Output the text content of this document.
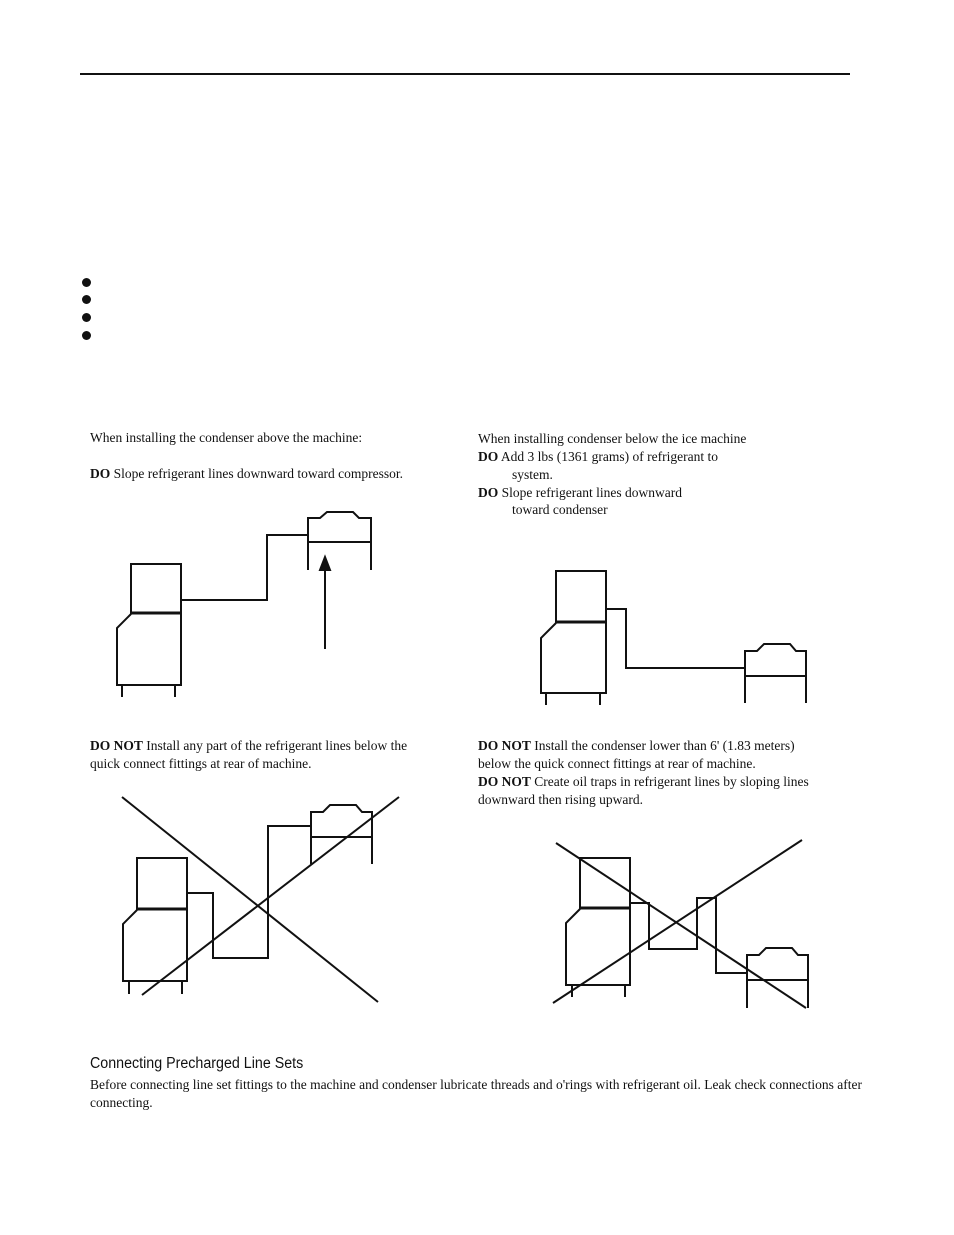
When installing the condenser above the machine:
DO Slope refrigerant lines downward toward compressor.
When installing condenser below the ice machine
DO Add 3 lbs (1361 grams) of refrigerant to
system.
DO Slope refrigerant lines downward
toward condenser
DO NOT Install any part of the refrigerant lines below the
quick connect fittings at rear of machine.
DO NOT Install the condenser lower than 6' (1.83 meters)
below the quick connect fittings at rear of machine.
DO NOT Create oil traps in refrigerant lines by sloping lines
downward then rising upward.
Connecting Precharged Line Sets
Before connecting line set fittings to the machine and condenser lubricate threads and o'rings with refrigerant oil. Leak check connections after connecting.
